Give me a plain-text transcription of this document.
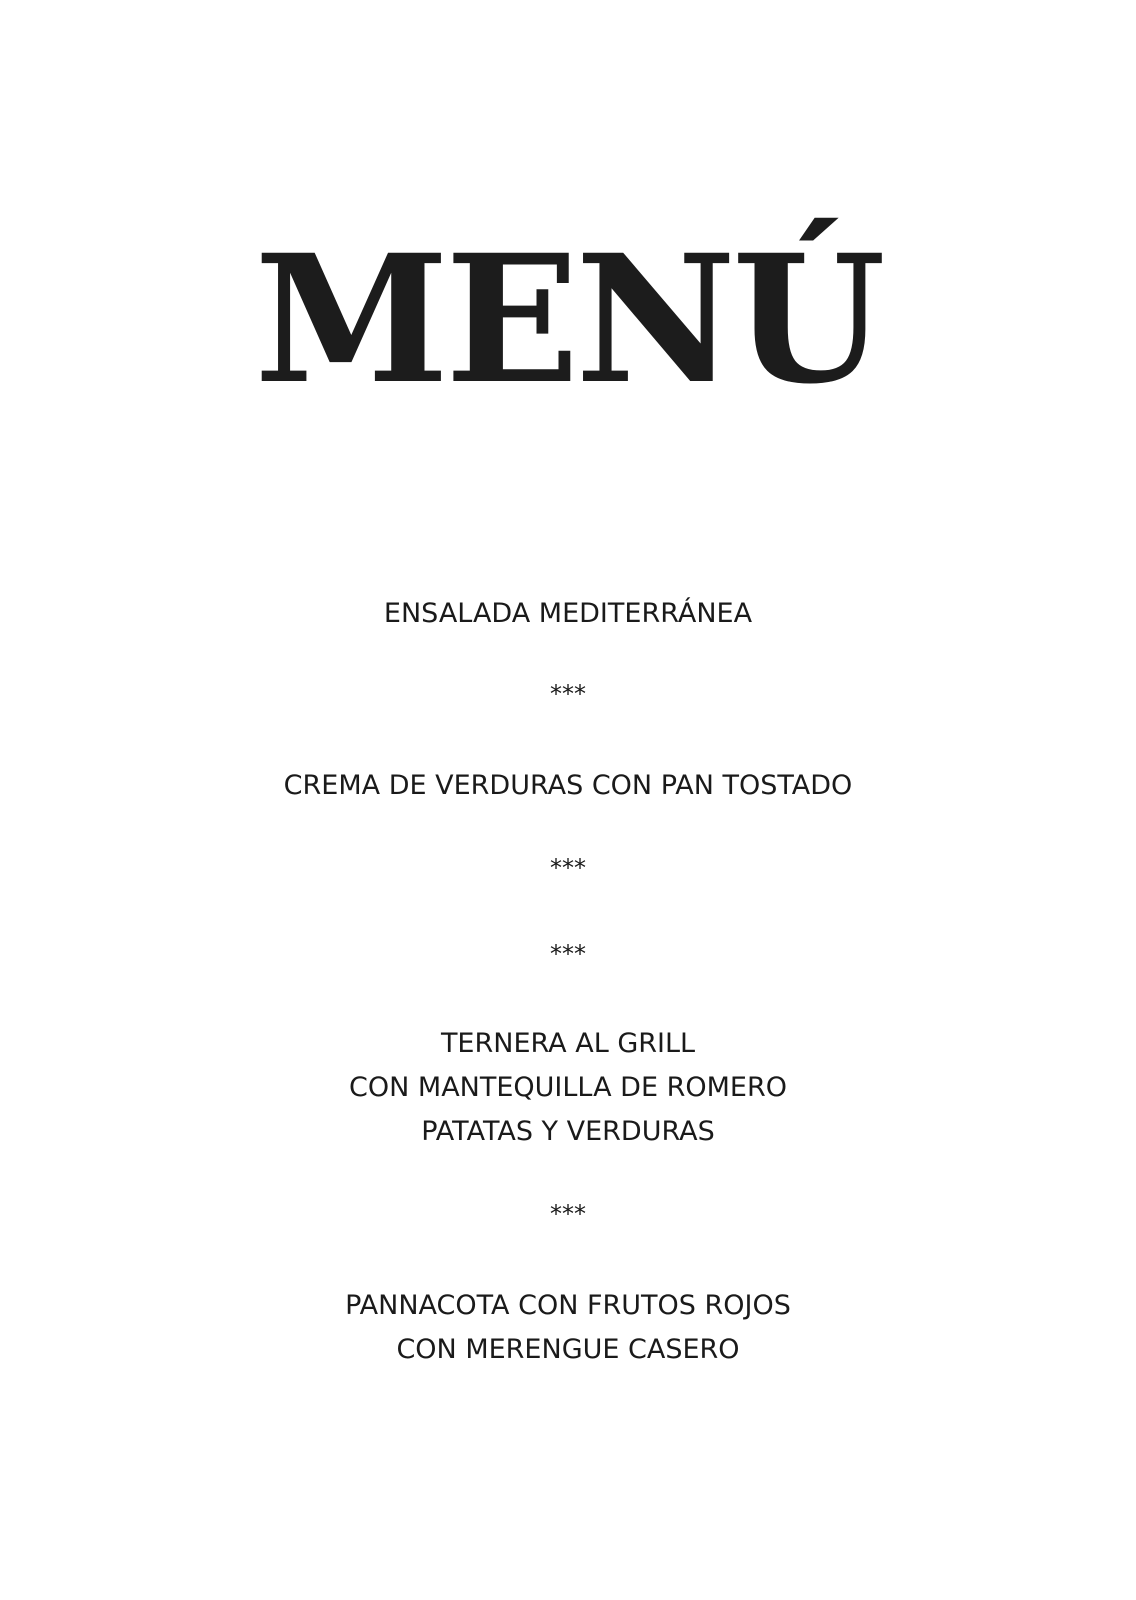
MENÚ

ENSALADA MEDITERRÁNEA

***

CREMA DE VERDURAS CON PAN TOSTADO

***

***

TERNERA AL GRILL

CON MANTEQUILLA DE ROMERO

PATATAS Y VERDURAS

***

PANNACOTA CON FRUTOS ROJOS

CON MERENGUE CASERO
